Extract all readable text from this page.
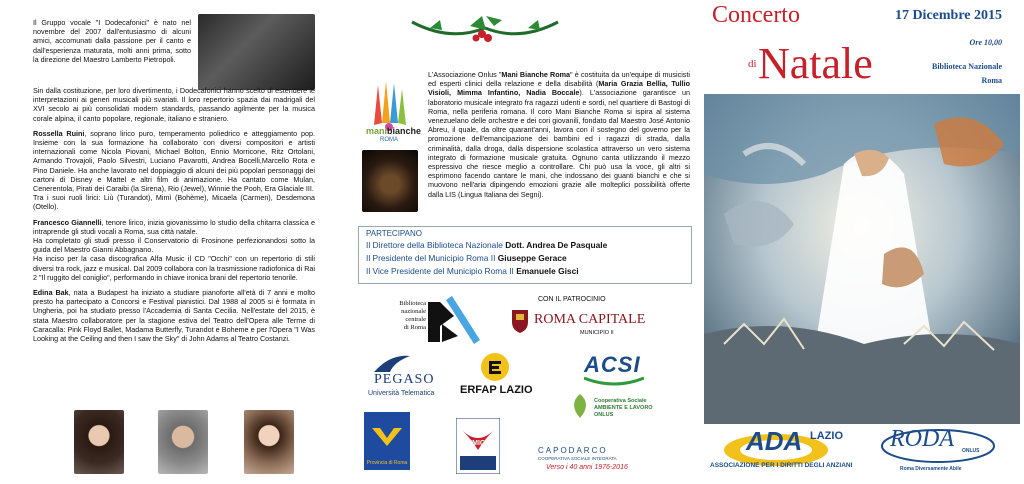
Il Gruppo vocale "I Dodecafonici" è nato nel novembre del 2007 dall'entusiasmo di alcuni amici, accomunati dalla passione per il canto e dall'esperienza maturata, molti anni prima, sotto la direzione del Maestro Lamberto Pietropoli.

Sin dalla costituzione, per loro divertimento, i Dodecafonici hanno scelto di estendere le interpretazioni ai generi musicali più svariati. Il loro repertorio spazia dai madrigali del XVI secolo ai più consolidati modern standards, passando agilmente per la musica corale alpina, il canto popolare, regionale, italiano e straniero.

Rossella Ruini, soprano lirico puro, temperamento poliedrico e atteggiamento pop. Insieme con la sua formazione ha collaborato con diversi compositori e artisti internazionali come Nicola Piovani, Michael Bolton, Ennio Morricone, Ritz Ortolani, Armando Trovajoli, Paolo Silvestri, Luciano Pavarotti, Andrea Bocelli,Marcello Rota e Pino Daniele. Ha anche lavorato nel doppiaggio di alcuni dei più popolari personaggi dei cartoni di Disney e Mattel e altri film di animazione. Ha cantato come Mulan, Cenerentola, Pirati dei Caraibi (la Sirena), Rio (Jewel), Winnie the Pooh, Era Glaciale III.

Tra i suoi ruoli lirici: Liù (Turandot), Mimì (Bohème), Micaela (Carmen), Desdemona (Otello).

Francesco Giannelli, tenore lirico, inizia giovanissimo lo studio della chitarra classica e intraprende gli studi vocali a Roma, sua città natale.

Ha completato gli studi presso il Conservatorio di Frosinone perfezionandosi sotto la guida del Maestro Gianni Abbagnano.

Ha inciso per la casa discografica Alfa Music il CD "Occhi" con un repertorio di stili diversi tra rock, jazz e musical. Dal 2009 collabora con la trasmissione radiofonica di Rai 2 "Il ruggito del coniglio", performando in chiave ironica brani del repertorio tenorile.

Edina Bak, nata a Budapest ha iniziato a studiare pianoforte all'età di 7 anni e molto presto ha partecipato a Concorsi e Festival pianistici. Dal 1988 al 2005 si è formata in Ungheria, poi ha studiato presso l'Accademia di Santa Cecilia. Nell'estate del 2015, è stata Maestro collaboratore per la stagione estiva del Teatro dell'Opera alle Terme di Caracalla: Pink Floyd Ballet, Madama Butterfly, Turandot e Boheme e per l'Opera "I Was Looking at the Ceiling and then I saw the Sky" di John Adams al Teatro Costanzi.

manibianche
ROMA

L'Associazione Onlus "Mani Bianche Roma" è costituita da un'equipe di musicisti ed esperti clinici della relazione e della disabilità (Maria Grazia Bellia, Tullio Visioli, Mimma Infantino, Nadia Boccale). L'associazione garantisce un laboratorio musicale integrato fra ragazzi udenti e sordi, nel quartiere di Bastogi di Roma, nella periferia romana. Il coro Mani Bianche Roma si ispira al sistema venezuelano delle orchestre e dei cori giovanili, fondato dal Maestro José Antonio Abreu, il quale, da oltre quarant'anni, lavora con il sostegno del governo per la promozione dell'emancipazione dei bambini ed i ragazzi di strada, dalla criminalità, dalla droga, dalla dispersione scolastica attraverso un vero sistema integrato di formazione musicale gratuita. Ognuno canta utilizzando il mezzo espressivo che riesce meglio a controllare. Chi può usa la voce, gli altri si esprimono facendo cantare le mani, che indossano dei guanti bianchi e che si muovono nell'aria dipingendo emozioni grazie alle molteplici possibilità offerte dalla LIS (Lingua Italiana dei Segni).

PARTECIPANO
Il Direttore della Biblioteca Nazionale Dott. Andrea De Pasquale
Il Presidente del Municipio Roma II Giuseppe Gerace
Il Vice Presidente del Municipio Roma II Emanuele Gisci
Biblioteca
nazionale
centrale
di Roma
CON IL PATROCINIO
ROMA CAPITALE
MUNICIPIO II
PEGASO
Università Telematica ERFAP LAZIO
ACSI
Cooperativa Sociale
AMBIENTE E LAVORO
ONLUS
Provincia di Roma
ANMIC
CAPODARCO
COOPERATIVA SOCIALE INTEGRATA
Verso i 40 anni 1976-2016
Concerto
di Natale
17 Dicembre 2015
Ore 10,00
Biblioteca Nazionale
Roma
ADA LAZIO
ASSOCIAZIONE PER I DIRITTI DEGLI ANZIANI
RODA ONLUS
Roma Diversamente Abile
